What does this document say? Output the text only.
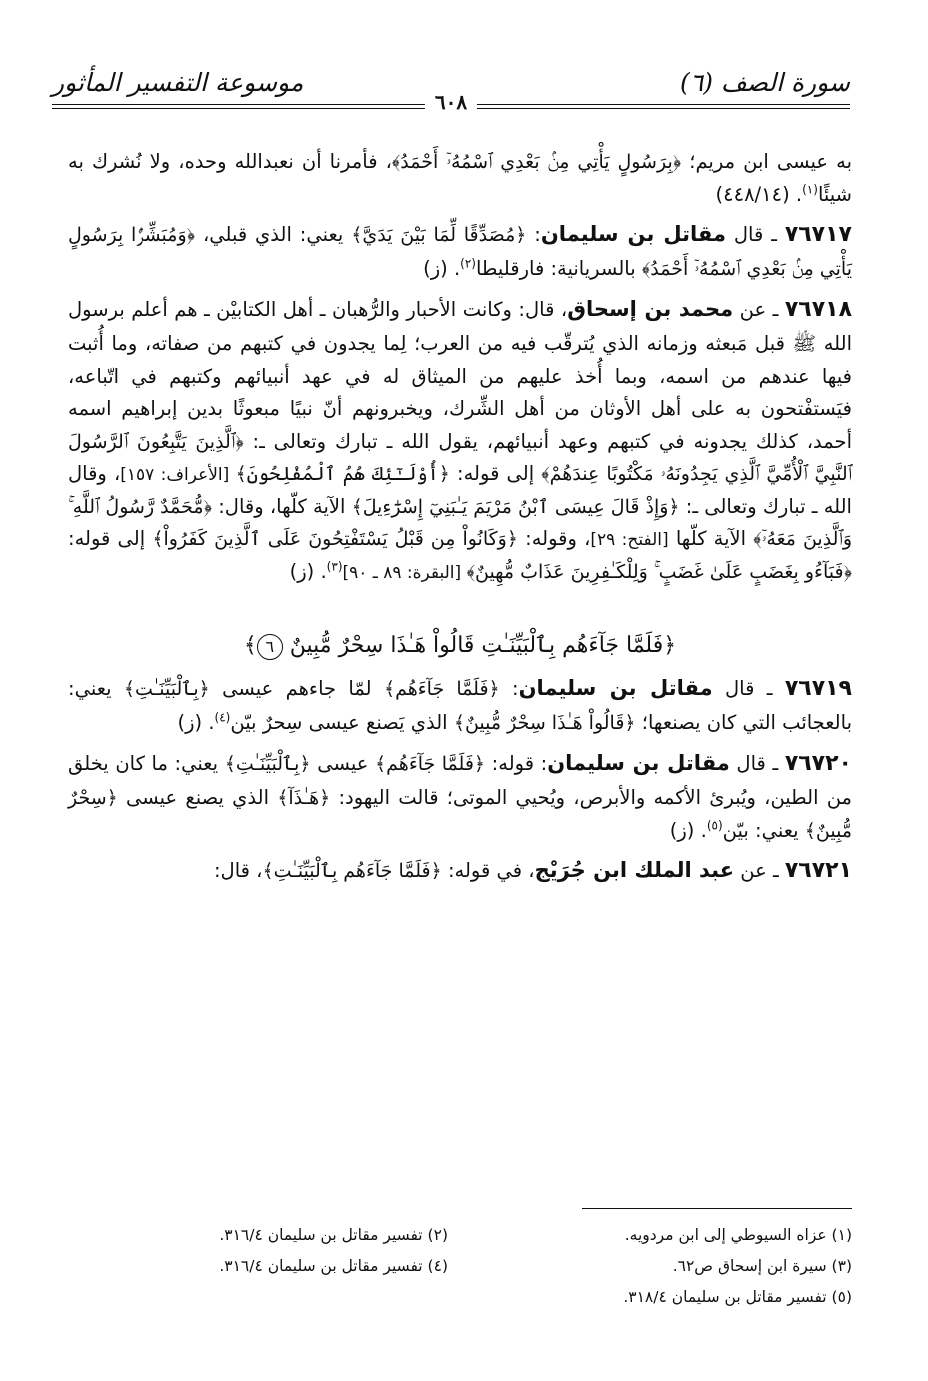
سورة الصف (٦)
موسوعة التفسير المأثور
٦٠٨

به عيسى ابن مريم؛ ﴿بِرَسُولٍ يَأْتِي مِنۢ بَعْدِي ٱسْمُهُۥٓ أَحْمَدُ﴾، فأمرنا أن نعبدالله وحده، ولا نُشرك به شيئًا$^{(١)}$. (٤٤٨/١٤)

٧٦٧١٧ ـ قال مقاتل بن سليمان: ﴿مُصَدِّقًا لِّمَا بَيْنَ يَدَيَّ﴾ يعني: الذي قبلي، ﴿وَمُبَشِّرًۢا بِرَسُولٍ يَأْتِي مِنۢ بَعْدِي ٱسْمُهُۥٓ أَحْمَدُ﴾ بالسريانية: فارقليطا$^{(٢)}$. (ز)

٧٦٧١٨ ـ عن محمد بن إسحاق، قال: وكانت الأحبار والرُّهبان ـ أهل الكتابيْن ـ هم أعلم برسول الله ﷺ قبل مَبعثه وزمانه الذي يُترقّب فيه من العرب؛ لِما يجدون في كتبهم من صفاته، وما أُثبت فيها عندهم من اسمه، وبما أُخذ عليهم من الميثاق له في عهد أنبيائهم وكتبهم في اتّباعه، فيَستفْتحون به على أهل الأوثان من أهل الشِّرك، ويخبرونهم أنّ نبيًا مبعوثًا بدين إبراهيم اسمه أحمد، كذلك يجدونه في كتبهم وعهد أنبيائهم، يقول الله ـ تبارك وتعالى ـ: ﴿ٱلَّذِينَ يَتَّبِعُونَ ٱلرَّسُولَ ٱلنَّبِيَّ ٱلْأُمِّيَّ ٱلَّذِي يَجِدُونَهُۥ مَكْتُوبًا عِندَهُمْ﴾ إلى قوله: ﴿أُوْلَـٰٓئِكَ هُمُ ٱلْمُفْلِحُونَ﴾ [الأعراف: ١٥٧]، وقال الله ـ تبارك وتعالى ـ: ﴿وَإِذْ قَالَ عِيسَى ٱبْنُ مَرْيَمَ يَـٰبَنِيٓ إِسْرَٰٓءِيلَ﴾ الآية كلّها، وقال: ﴿مُّحَمَّدٌ رَّسُولُ ٱللَّهِ ۚ وَٱلَّذِينَ مَعَهُۥٓ﴾ الآية كلّها [الفتح: ٢٩]، وقوله: ﴿وَكَانُواْ مِن قَبْلُ يَسْتَفْتِحُونَ عَلَى ٱلَّذِينَ كَفَرُواْ﴾ إلى قوله: ﴿فَبَآءُو بِغَضَبٍ عَلَىٰ غَضَبٍ ۚ وَلِلْكَـٰفِرِينَ عَذَابٌ مُّهِينٌ﴾ [البقرة: ٨٩ ـ ٩٠]$^{(٣)}$. (ز)

﴿فَلَمَّا جَآءَهُم بِٱلْبَيِّنَـٰتِ قَالُواْ هَـٰذَا سِحْرٌ مُّبِينٌ ٦﴾

٧٦٧١٩ ـ قال مقاتل بن سليمان: ﴿فَلَمَّا جَآءَهُم﴾ لمّا جاءهم عيسى ﴿بِٱلْبَيِّنَـٰتِ﴾ يعني: بالعجائب التي كان يصنعها؛ ﴿قَالُواْ هَـٰذَا سِحْرٌ مُّبِينٌ﴾ الذي يَصنع عيسى سِحرٌ بيّن$^{(٤)}$. (ز)

٧٦٧٢٠ ـ قال مقاتل بن سليمان: قوله: ﴿فَلَمَّا جَآءَهُم﴾ عيسى ﴿بِٱلْبَيِّنَـٰتِ﴾ يعني: ما كان يخلق من الطين، ويُبرئ الأكمه والأبرص، ويُحيي الموتى؛ قالت اليهود: ﴿هَـٰذَآ﴾ الذي يصنع عيسى ﴿سِحْرٌ مُّبِينٌ﴾ يعني: بيّن$^{(٥)}$. (ز)

٧٦٧٢١ ـ عن عبد الملك ابن جُرَيْج، في قوله: ﴿فَلَمَّا جَآءَهُم بِٱلْبَيِّنَـٰتِ﴾، قال:

(١) عزاه السيوطي إلى ابن مردويه.
(٣) سيرة ابن إسحاق ص٦٢.
(٥) تفسير مقاتل بن سليمان ٣١٨/٤.
(٢) تفسير مقاتل بن سليمان ٣١٦/٤.
(٤) تفسير مقاتل بن سليمان ٣١٦/٤.
